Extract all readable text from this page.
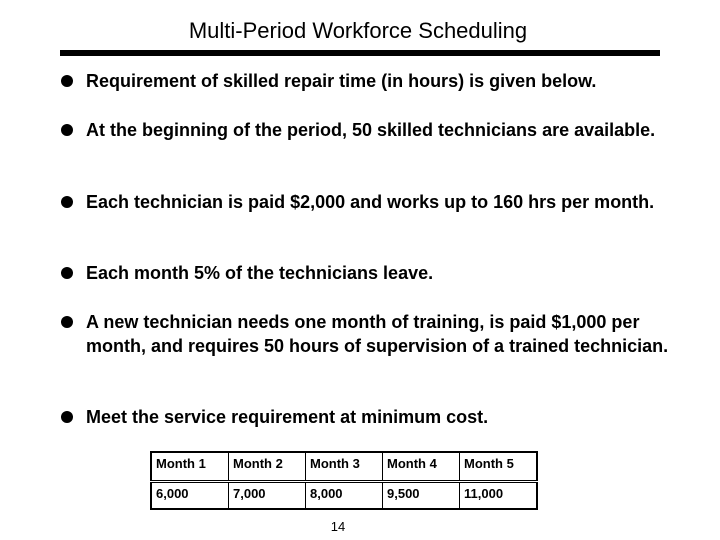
Multi-Period Workforce Scheduling
Requirement of skilled repair time (in hours) is given below.
At the beginning of the period, 50 skilled technicians are available.
Each technician is paid $2,000 and works up to 160 hrs per month.
Each month 5% of the technicians leave.
A new technician needs one month of training, is paid $1,000 per month, and requires 50 hours of supervision of a trained technician.
Meet the service requirement at minimum cost.
Month 1	Month 2	Month 3	Month 4	Month 5
6,000	7,000	8,000	9,500	11,000
14
